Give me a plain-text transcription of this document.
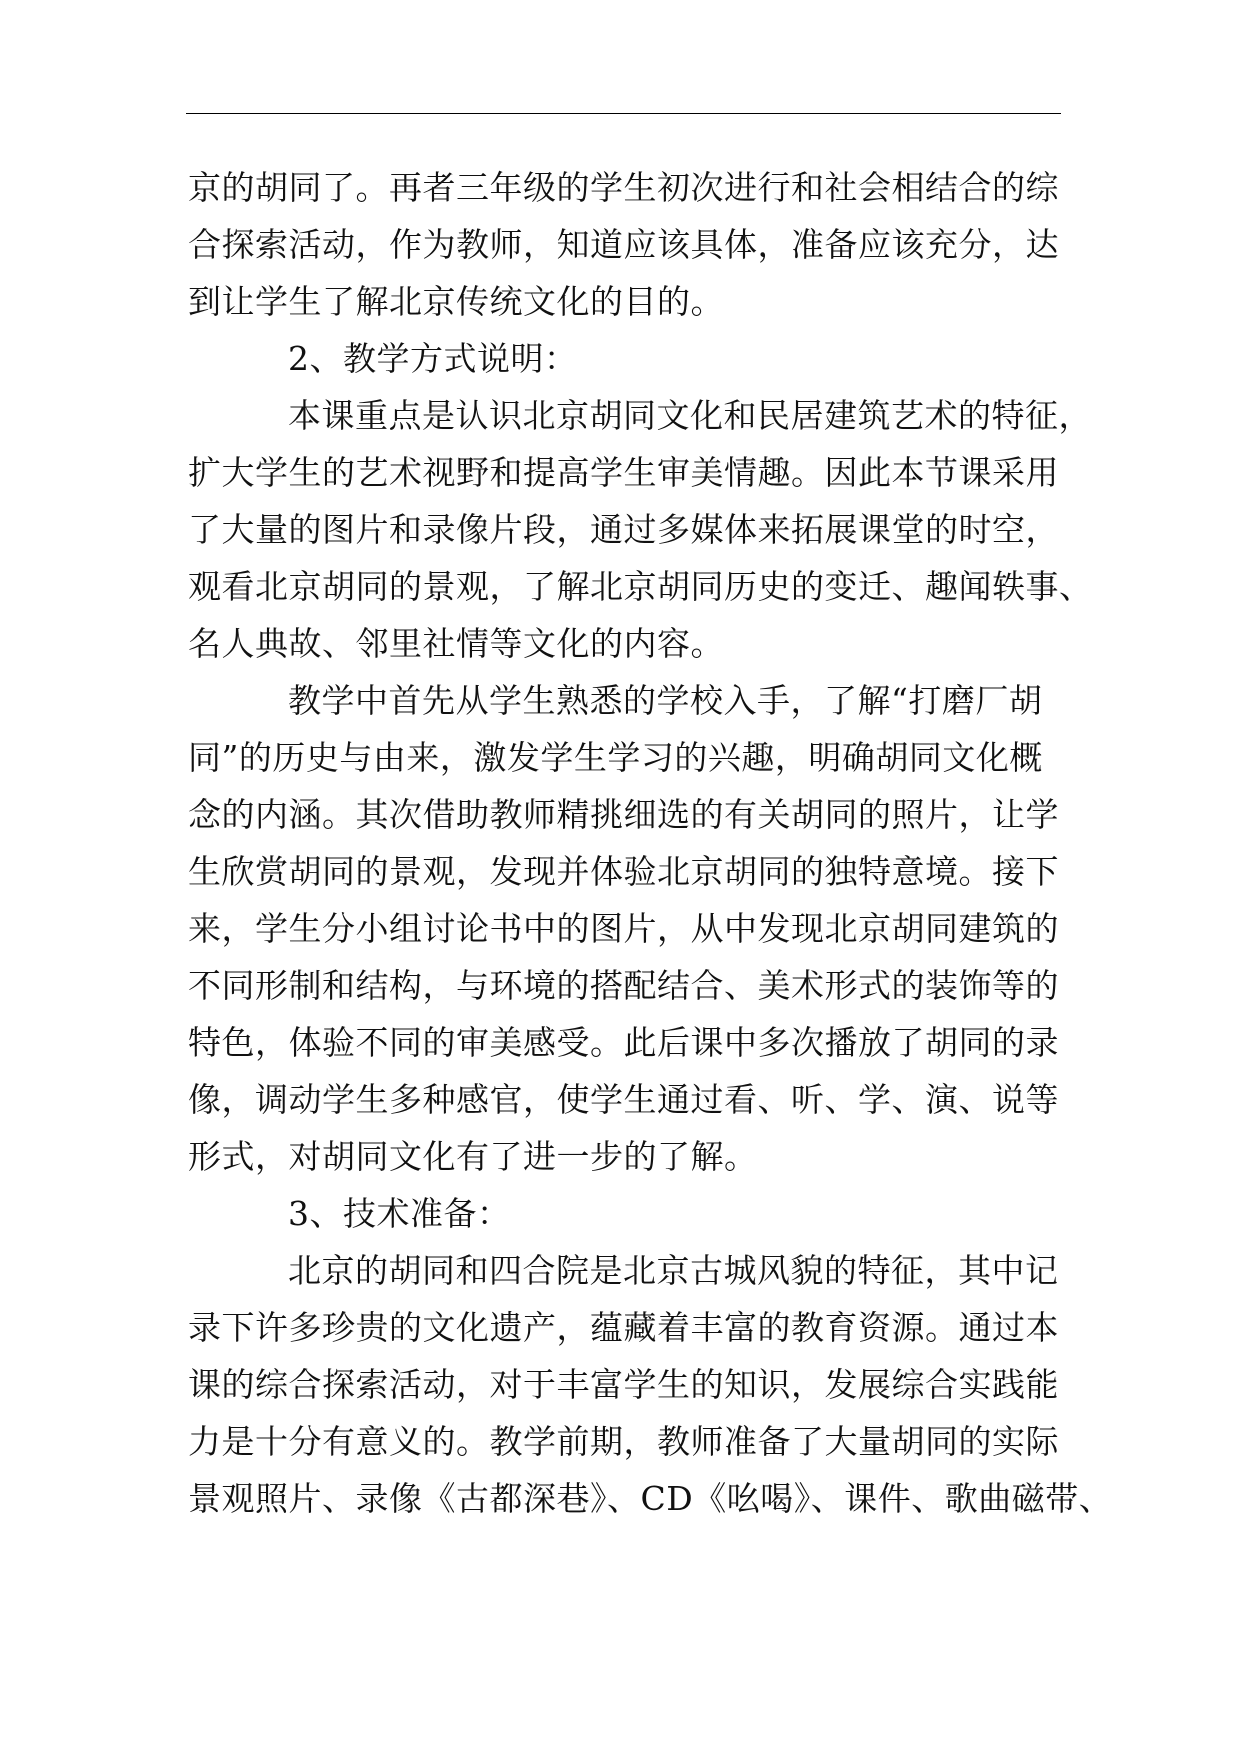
京的胡同了。再者三年级的学生初次进行和社会相结合的综
合探索活动，作为教师，知道应该具体，准备应该充分，达
到让学生了解北京传统文化的目的。
2、教学方式说明：
本课重点是认识北京胡同文化和民居建筑艺术的特征，
扩大学生的艺术视野和提高学生审美情趣。因此本节课采用
了大量的图片和录像片段，通过多媒体来拓展课堂的时空，
观看北京胡同的景观，了解北京胡同历史的变迁、趣闻轶事、
名人典故、邻里社情等文化的内容。
教学中首先从学生熟悉的学校入手，了解“打磨厂胡
同”的历史与由来，激发学生学习的兴趣，明确胡同文化概
念的内涵。其次借助教师精挑细选的有关胡同的照片，让学
生欣赏胡同的景观，发现并体验北京胡同的独特意境。接下
来，学生分小组讨论书中的图片，从中发现北京胡同建筑的
不同形制和结构，与环境的搭配结合、美术形式的装饰等的
特色，体验不同的审美感受。此后课中多次播放了胡同的录
像，调动学生多种感官，使学生通过看、听、学、演、说等
形式，对胡同文化有了进一步的了解。
3、技术准备：
北京的胡同和四合院是北京古城风貌的特征，其中记
录下许多珍贵的文化遗产，蕴藏着丰富的教育资源。通过本
课的综合探索活动，对于丰富学生的知识，发展综合实践能
力是十分有意义的。教学前期，教师准备了大量胡同的实际
景观照片、录像《古都深巷》、CD《吆喝》、课件、歌曲磁带、
